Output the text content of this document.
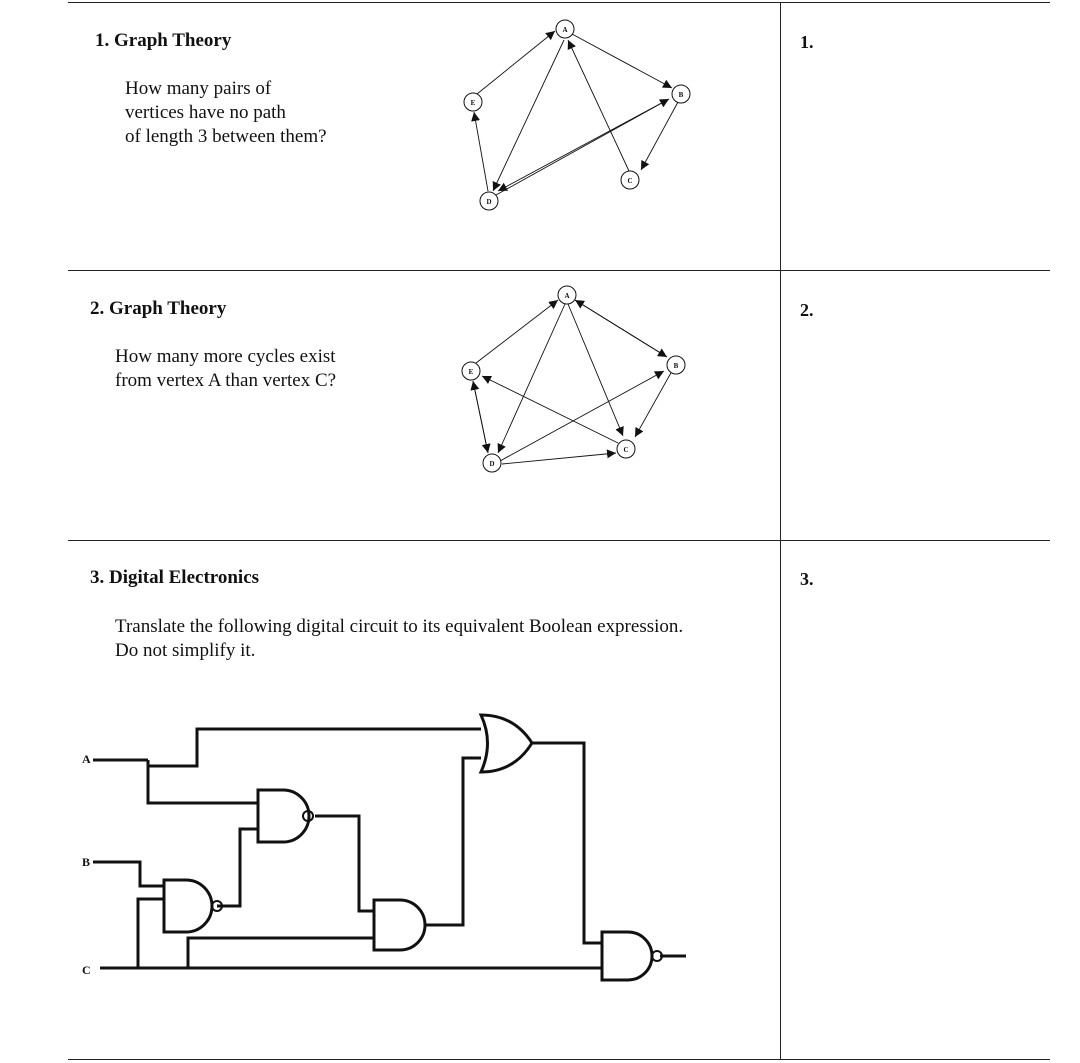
1. Graph Theory
How many pairs of
vertices have no path
of length 3 between them?
1.
A
B
C
D
E
2. Graph Theory
How many more cycles exist
from vertex A than vertex C?
2.
A
B
C
D
E
3. Digital Electronics
Translate the following digital circuit to its equivalent Boolean expression.
Do not simplify it.
3.
A
B
C
